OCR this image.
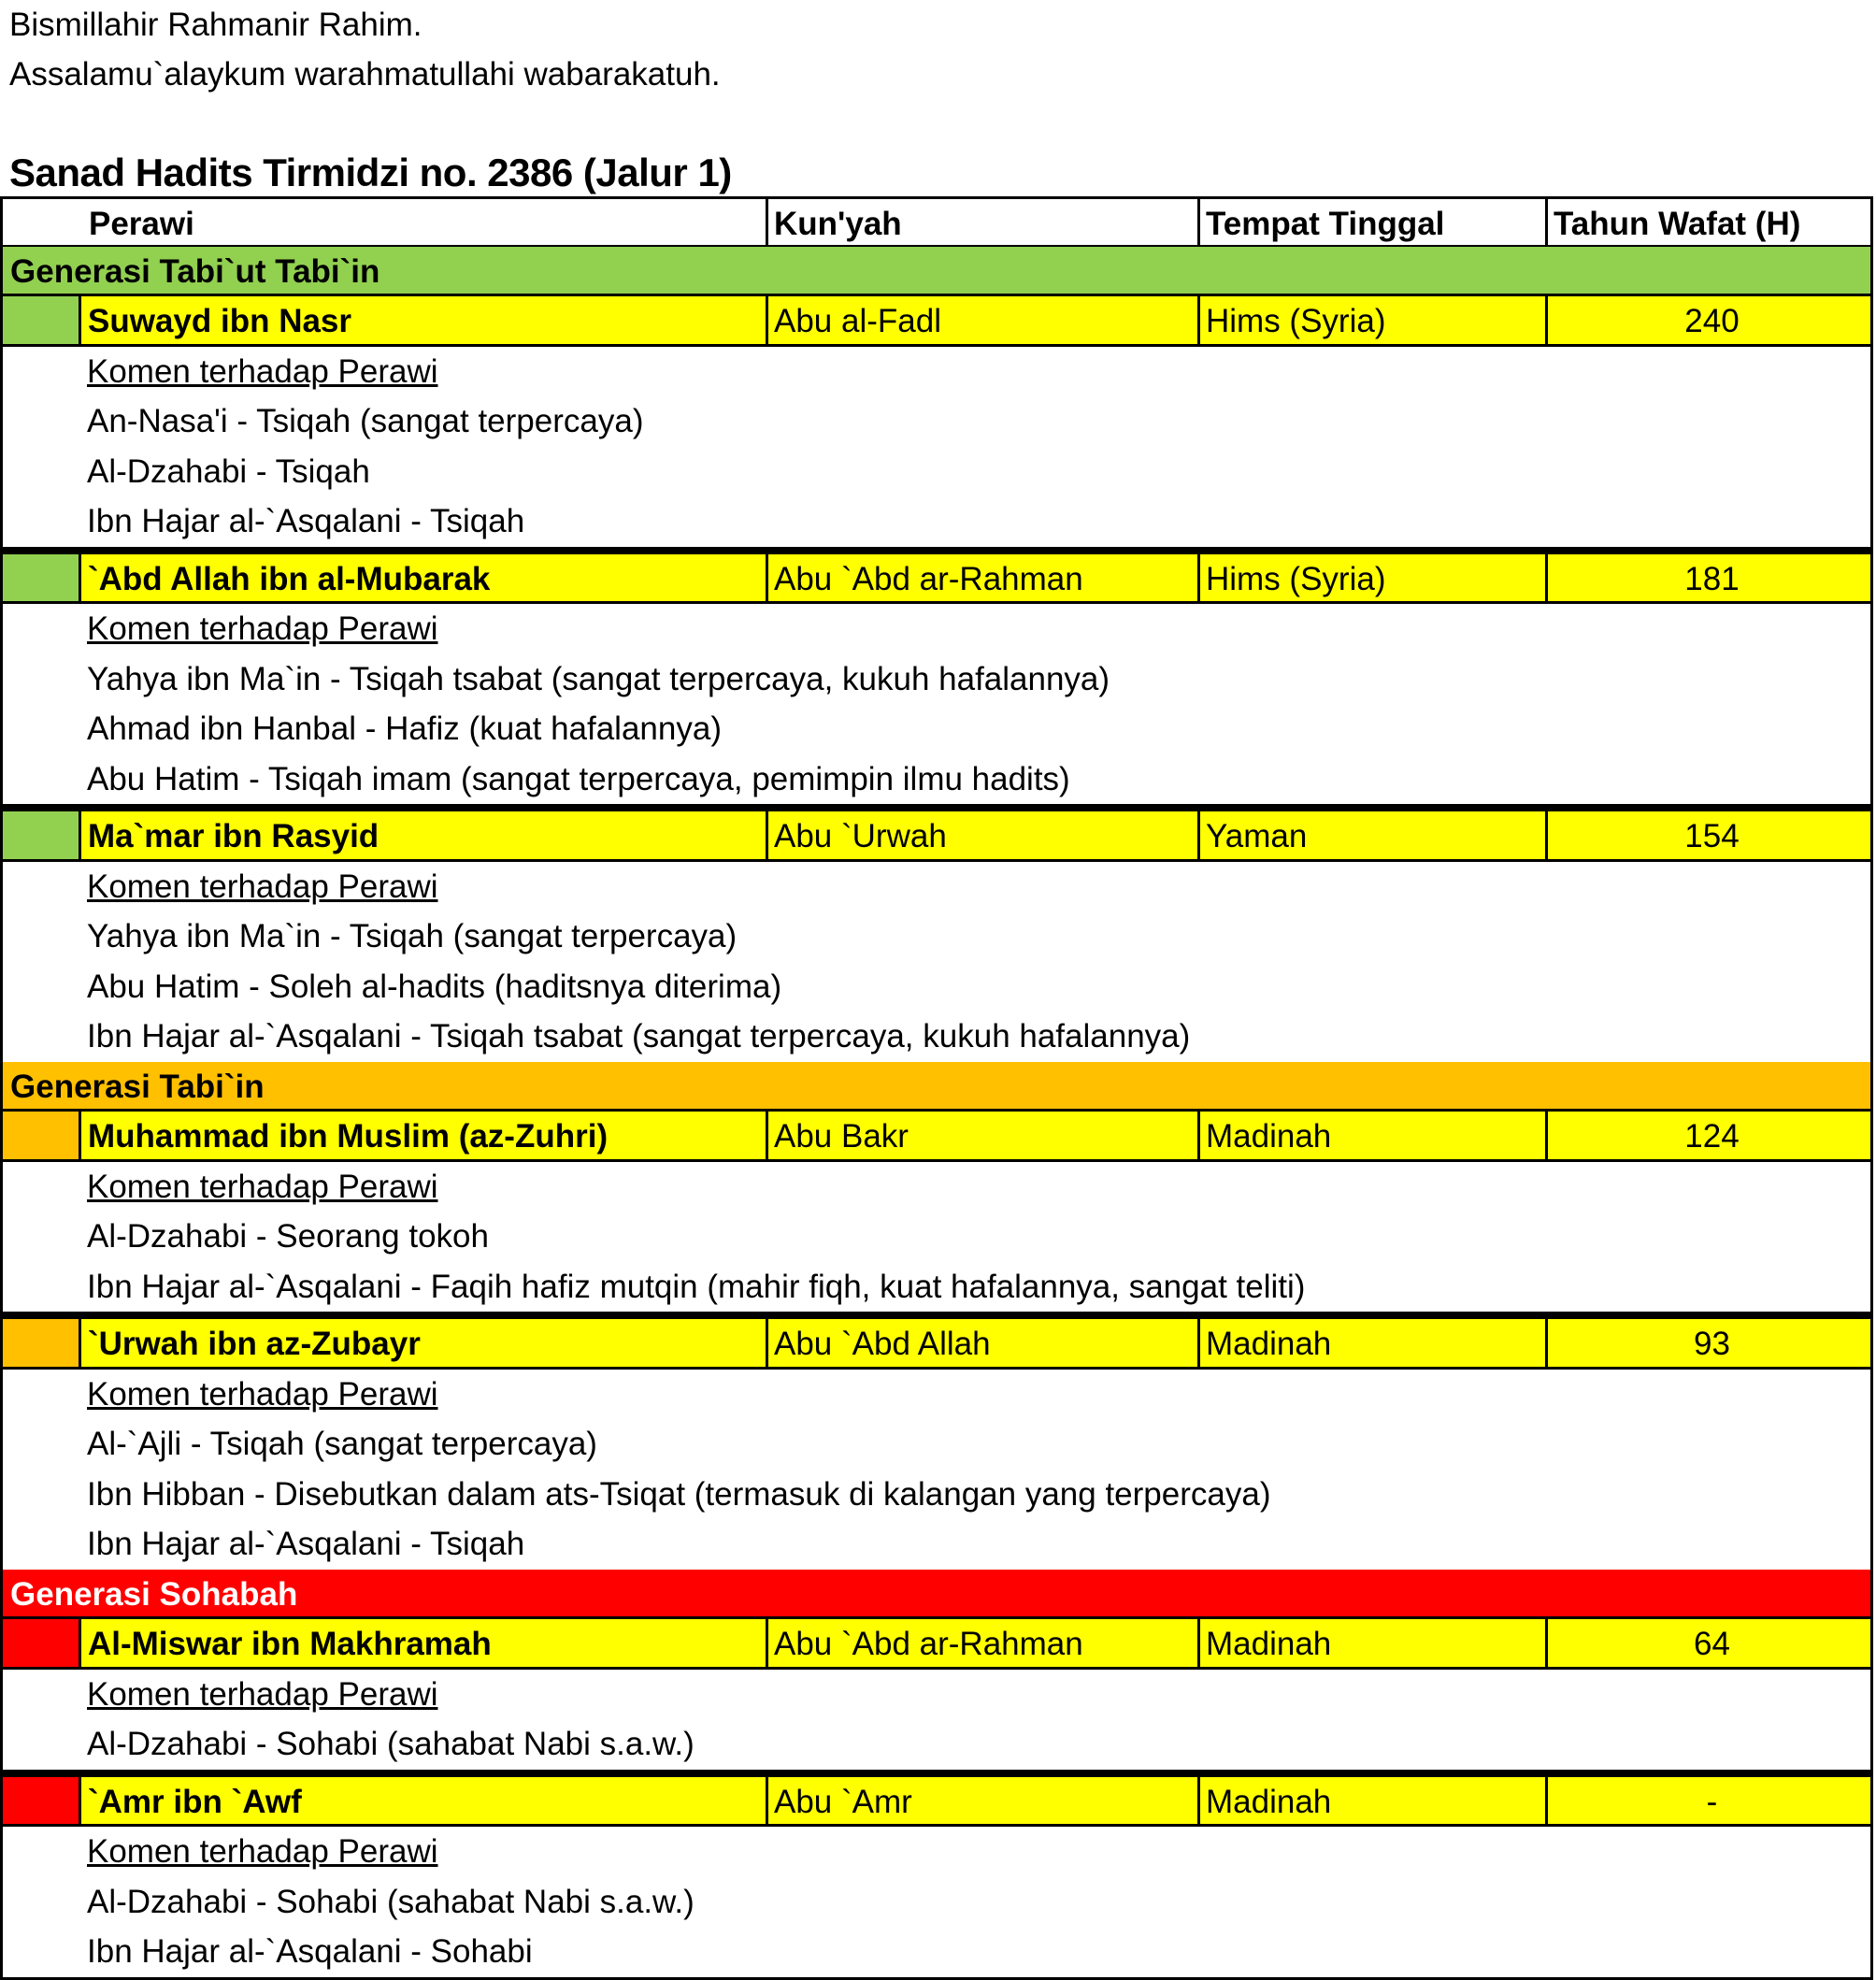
Bismillahir Rahmanir Rahim.
Assalamu`alaykum warahmatullahi wabarakatuh.
Sanad Hadits Tirmidzi no. 2386 (Jalur 1)
Perawi	Kun'yah	Tempat Tinggal	Tahun Wafat (H)
Generasi Tabi`ut Tabi`in
Suwayd ibn Nasr	Abu al-Fadl	Hims (Syria)	240
Komen terhadap Perawi
An-Nasa'i - Tsiqah (sangat terpercaya)
Al-Dzahabi - Tsiqah
Ibn Hajar al-`Asqalani - Tsiqah
`Abd Allah ibn al-Mubarak	Abu `Abd ar-Rahman	Hims (Syria)	181
Komen terhadap Perawi
Yahya ibn Ma`in - Tsiqah tsabat (sangat terpercaya, kukuh hafalannya)
Ahmad ibn Hanbal - Hafiz (kuat hafalannya)
Abu Hatim - Tsiqah imam (sangat terpercaya, pemimpin ilmu hadits)
Ma`mar ibn Rasyid	Abu `Urwah	Yaman	154
Komen terhadap Perawi
Yahya ibn Ma`in - Tsiqah (sangat terpercaya)
Abu Hatim - Soleh al-hadits (haditsnya diterima)
Ibn Hajar al-`Asqalani - Tsiqah tsabat (sangat terpercaya, kukuh hafalannya)
Generasi Tabi`in
Muhammad ibn Muslim (az-Zuhri)	Abu Bakr	Madinah	124
Komen terhadap Perawi
Al-Dzahabi - Seorang tokoh
Ibn Hajar al-`Asqalani - Faqih hafiz mutqin (mahir fiqh, kuat hafalannya, sangat teliti)
`Urwah ibn az-Zubayr	Abu `Abd Allah	Madinah	93
Komen terhadap Perawi
Al-`Ajli - Tsiqah (sangat terpercaya)
Ibn Hibban - Disebutkan dalam ats-Tsiqat (termasuk di kalangan yang terpercaya)
Ibn Hajar al-`Asqalani - Tsiqah
Generasi Sohabah
Al-Miswar ibn Makhramah	Abu `Abd ar-Rahman	Madinah	64
Komen terhadap Perawi
Al-Dzahabi - Sohabi (sahabat Nabi s.a.w.)
`Amr ibn `Awf	Abu `Amr	Madinah	-
Komen terhadap Perawi
Al-Dzahabi - Sohabi (sahabat Nabi s.a.w.)
Ibn Hajar al-`Asqalani - Sohabi
